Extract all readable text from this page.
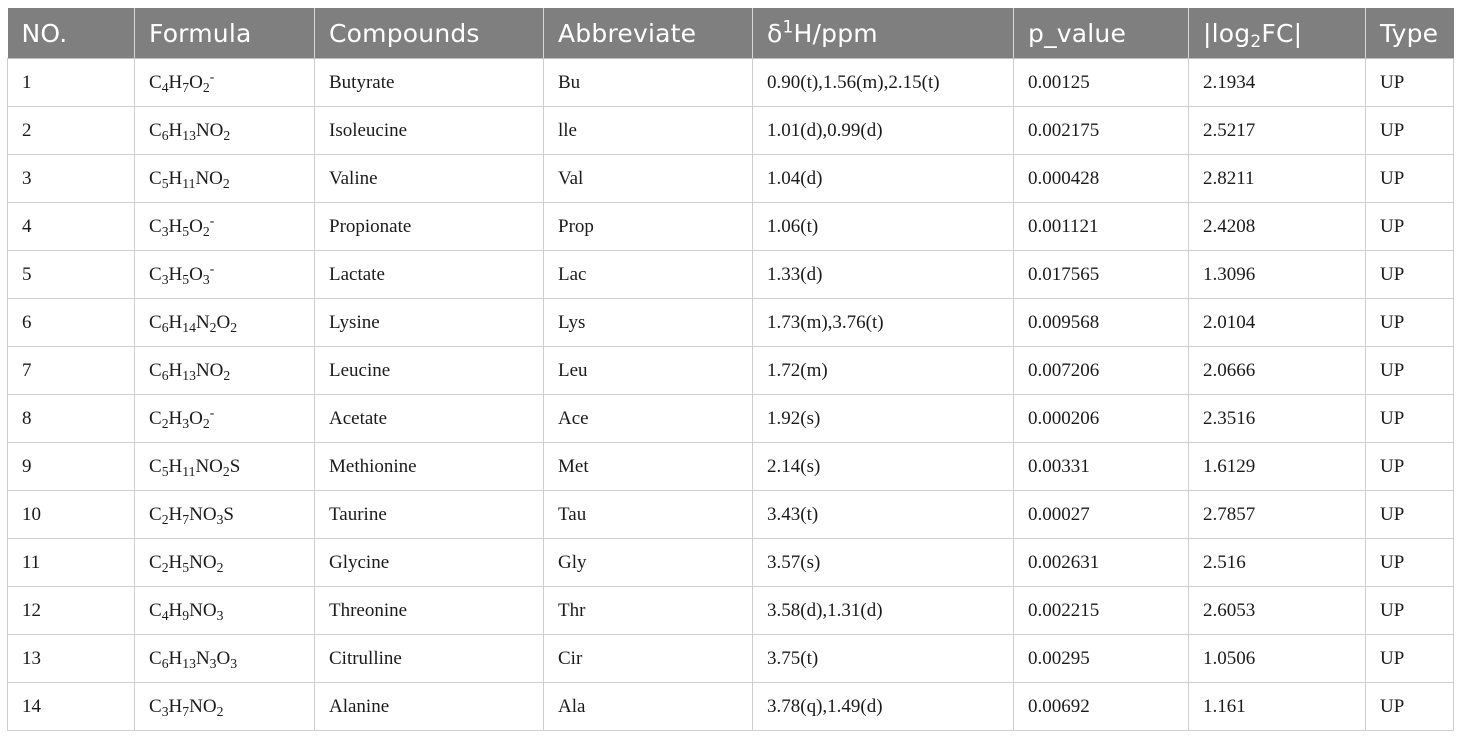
NO.	Formula	Compounds	Abbreviate	$\delta^1H$/ppm	p_value	$|\log_2FC|$	Type
1	$C_4H_7O_2^-$	Butyrate	Bu	0.90(t),1.56(m),2.15(t)	0.00125	2.1934	UP
2	$C_6H_{13}NO_2$	Isoleucine	lle	1.01(d),0.99(d)	0.002175	2.5217	UP
3	$C_5H_{11}NO_2$	Valine	Val	1.04(d)	0.000428	2.8211	UP
4	$C_3H_5O_2^-$	Propionate	Prop	1.06(t)	0.001121	2.4208	UP
5	$C_3H_5O_3^-$	Lactate	Lac	1.33(d)	0.017565	1.3096	UP
6	$C_6H_{14}N_2O_2$	Lysine	Lys	1.73(m),3.76(t)	0.009568	2.0104	UP
7	$C_6H_{13}NO_2$	Leucine	Leu	1.72(m)	0.007206	2.0666	UP
8	$C_2H_3O_2^-$	Acetate	Ace	1.92(s)	0.000206	2.3516	UP
9	$C_5H_{11}NO_2S$	Methionine	Met	2.14(s)	0.00331	1.6129	UP
10	$C_2H_7NO_3S$	Taurine	Tau	3.43(t)	0.00027	2.7857	UP
11	$C_2H_5NO_2$	Glycine	Gly	3.57(s)	0.002631	2.516	UP
12	$C_4H_9NO_3$	Threonine	Thr	3.58(d),1.31(d)	0.002215	2.6053	UP
13	$C_6H_{13}N_3O_3$	Citrulline	Cir	3.75(t)	0.00295	1.0506	UP
14	$C_3H_7NO_2$	Alanine	Ala	3.78(q),1.49(d)	0.00692	1.161	UP
